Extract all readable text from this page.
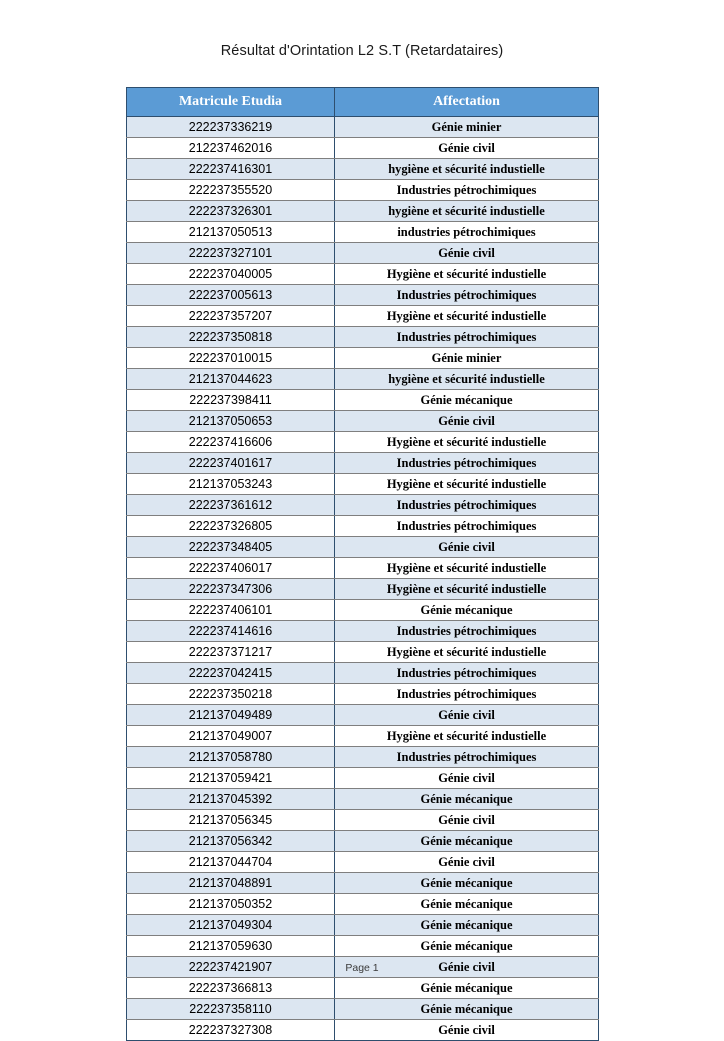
Résultat d'Orintation L2 S.T (Retardataires)
Matricule Etudia	Affectation
222237336219	Génie minier
212237462016	Génie civil
222237416301	hygiène et sécurité industielle
222237355520	Industries pétrochimiques
222237326301	hygiène et sécurité industielle
212137050513	industries pétrochimiques
222237327101	Génie civil
222237040005	Hygiène et sécurité industielle
222237005613	Industries pétrochimiques
222237357207	Hygiène et sécurité industielle
222237350818	Industries pétrochimiques
222237010015	Génie minier
212137044623	hygiène et sécurité industielle
222237398411	Génie mécanique
212137050653	Génie civil
222237416606	Hygiène et sécurité industielle
222237401617	Industries pétrochimiques
212137053243	Hygiène et sécurité industielle
222237361612	Industries pétrochimiques
222237326805	Industries pétrochimiques
222237348405	Génie civil
222237406017	Hygiène et sécurité industielle
222237347306	Hygiène et sécurité industielle
222237406101	Génie mécanique
222237414616	Industries pétrochimiques
222237371217	Hygiène et sécurité industielle
222237042415	Industries pétrochimiques
222237350218	Industries pétrochimiques
212137049489	Génie civil
212137049007	Hygiène et sécurité industielle
212137058780	Industries pétrochimiques
212137059421	Génie civil
212137045392	Génie mécanique
212137056345	Génie civil
212137056342	Génie mécanique
212137044704	Génie civil
212137048891	Génie mécanique
212137050352	Génie mécanique
212137049304	Génie mécanique
212137059630	Génie mécanique
222237421907	Génie civil
222237366813	Génie mécanique
222237358110	Génie mécanique
222237327308	Génie civil
Page 1
